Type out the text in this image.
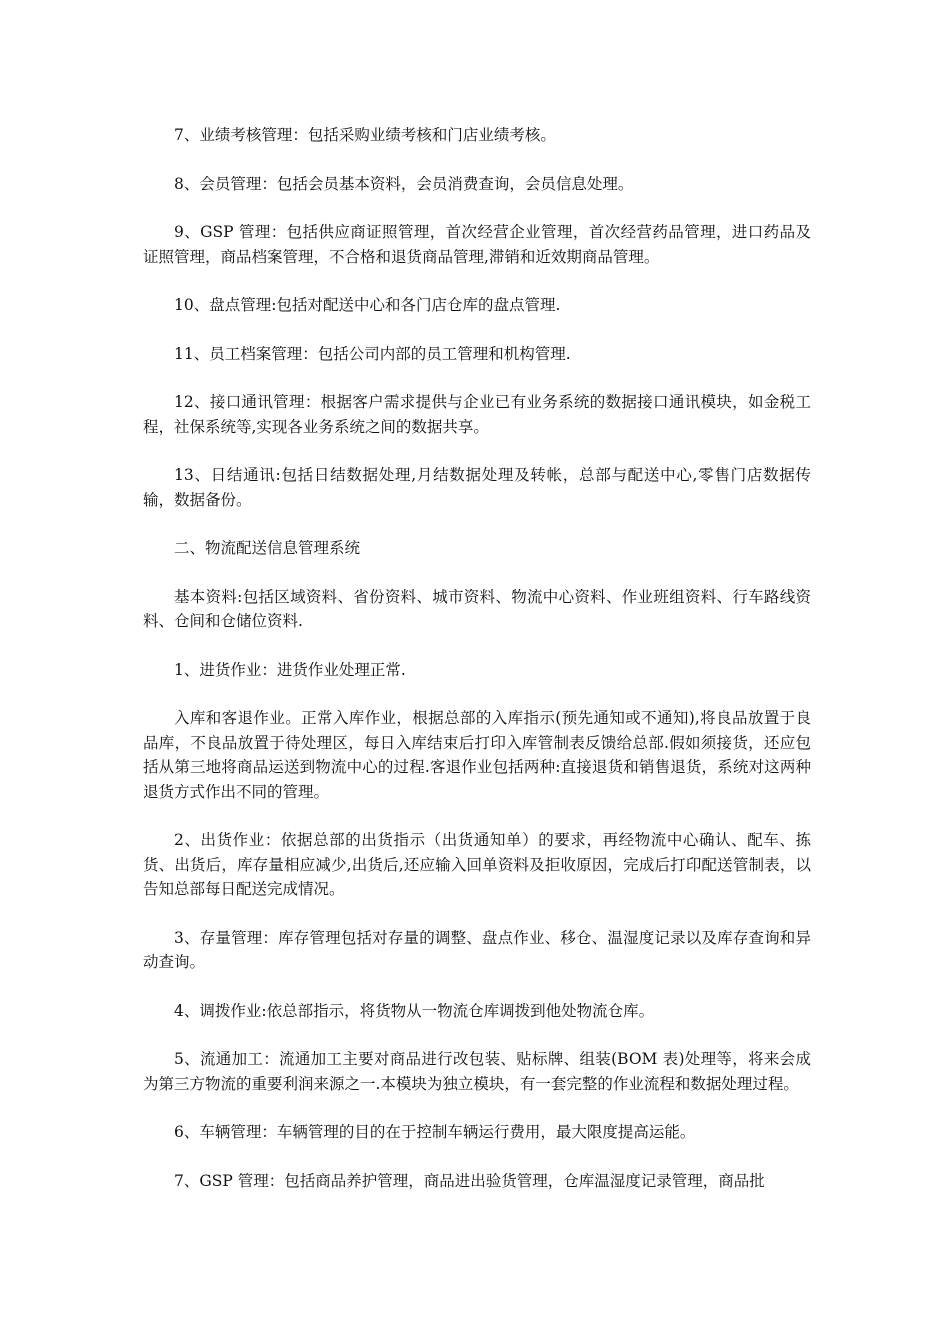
7、业绩考核管理：包括采购业绩考核和门店业绩考核。

8、会员管理：包括会员基本资料，会员消费查询，会员信息处理。

9、GSP 管理：包括供应商证照管理，首次经营企业管理，首次经营药品管理，进口药品及证照管理，商品档案管理，不合格和退货商品管理,滞销和近效期商品管理。

10、盘点管理:包括对配送中心和各门店仓库的盘点管理.

11、员工档案管理：包括公司内部的员工管理和机构管理.

12、接口通讯管理：根据客户需求提供与企业已有业务系统的数据接口通讯模块，如金税工程，社保系统等,实现各业务系统之间的数据共享。

13、日结通讯:包括日结数据处理,月结数据处理及转帐，总部与配送中心,零售门店数据传输，数据备份。

二、物流配送信息管理系统

基本资料:包括区域资料、省份资料、城市资料、物流中心资料、作业班组资料、行车路线资料、仓间和仓储位资料.

1、进货作业：进货作业处理正常.

入库和客退作业。正常入库作业，根据总部的入库指示(预先通知或不通知),将良品放置于良品库，不良品放置于待处理区，每日入库结束后打印入库管制表反馈给总部.假如须接货，还应包括从第三地将商品运送到物流中心的过程.客退作业包括两种:直接退货和销售退货，系统对这两种退货方式作出不同的管理。

2、出货作业：依据总部的出货指示（出货通知单）的要求，再经物流中心确认、配车、拣货、出货后，库存量相应减少,出货后,还应输入回单资料及拒收原因，完成后打印配送管制表，以告知总部每日配送完成情况。

3、存量管理：库存管理包括对存量的调整、盘点作业、移仓、温湿度记录以及库存查询和异动查询。

4、调拨作业:依总部指示，将货物从一物流仓库调拨到他处物流仓库。

5、流通加工：流通加工主要对商品进行改包装、贴标牌、组装(BOM 表)处理等，将来会成为第三方物流的重要利润来源之一.本模块为独立模块，有一套完整的作业流程和数据处理过程。

6、车辆管理：车辆管理的目的在于控制车辆运行费用，最大限度提高运能。

7、GSP 管理：包括商品养护管理，商品进出验货管理，仓库温湿度记录管理，商品批
